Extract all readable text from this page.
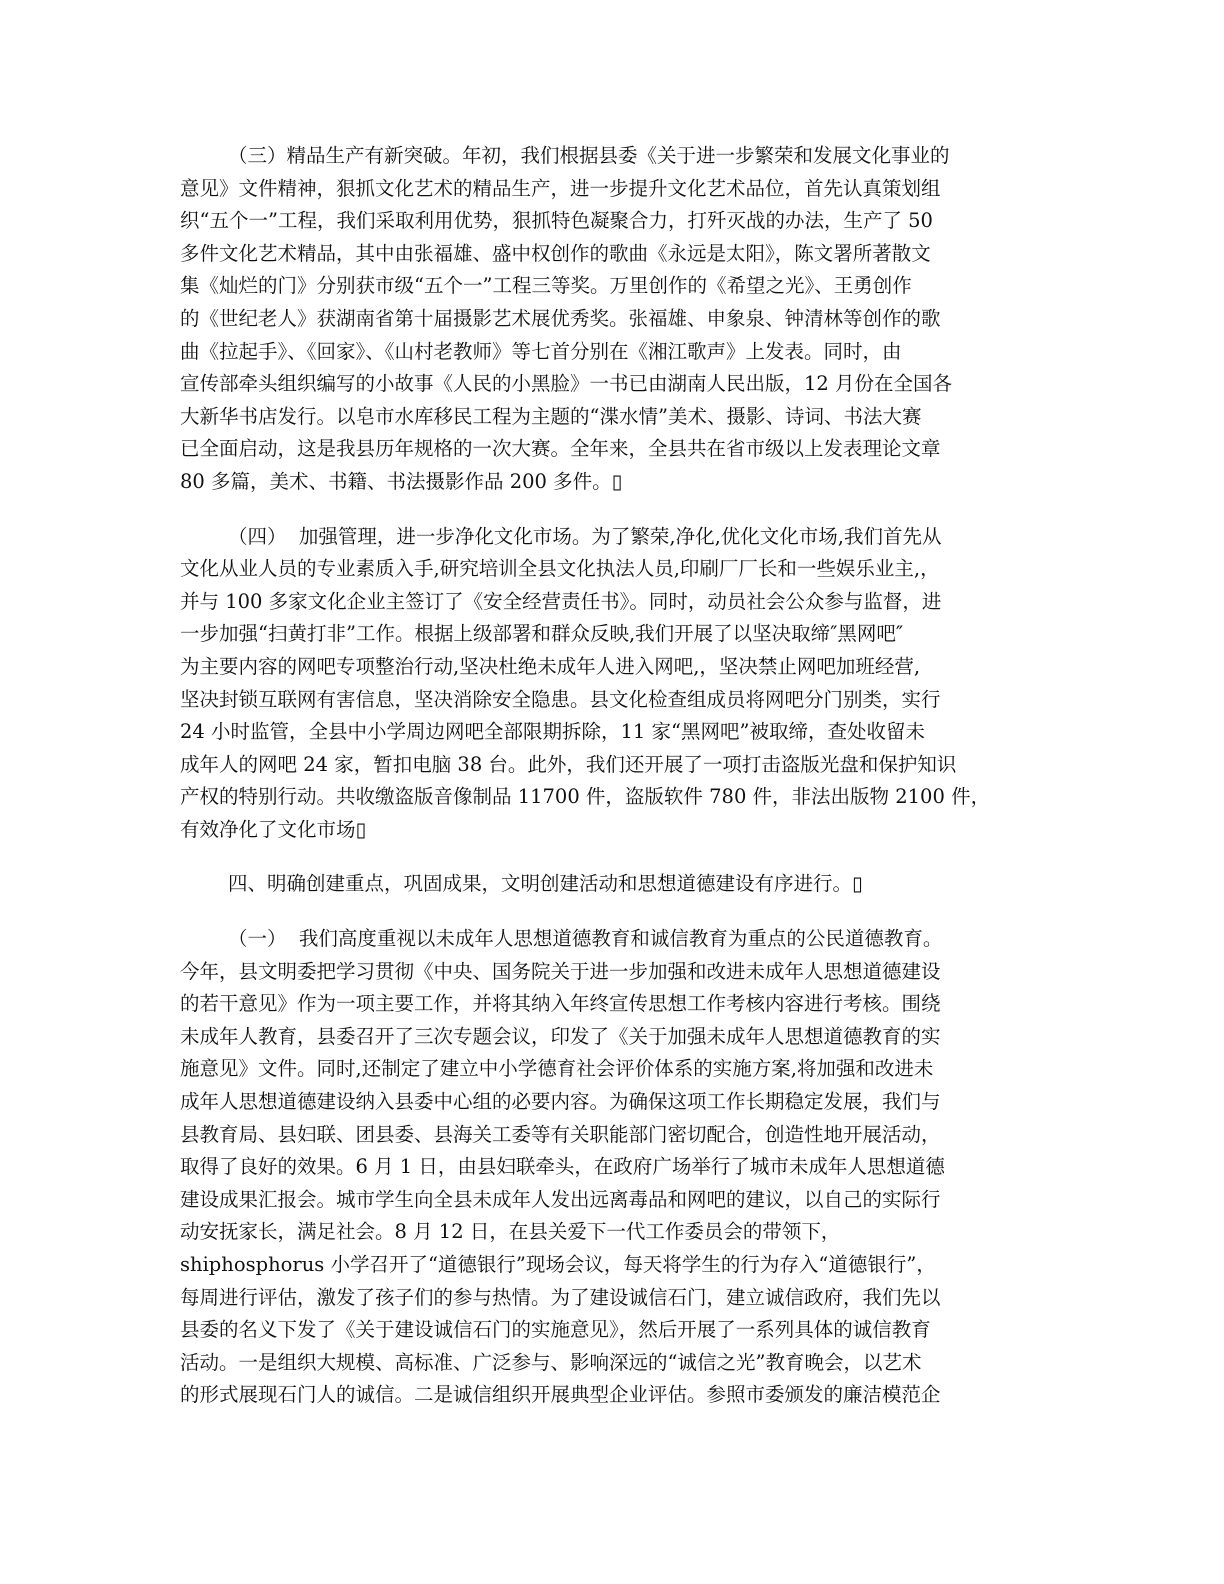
（三）精品生产有新突破。年初，我们根据县委《关于进一步繁荣和发展文化事业的
意见》文件精神，狠抓文化艺术的精品生产，进一步提升文化艺术品位，首先认真策划组
织“五个一”工程，我们采取利用优势，狠抓特色凝聚合力，打歼灭战的办法，生产了 50
多件文化艺术精品，其中由张福雄、盛中权创作的歌曲《永远是太阳》，陈文署所著散文
集《灿烂的门》分别获市级“五个一”工程三等奖。万里创作的《希望之光》、王勇创作
的《世纪老人》获湖南省第十届摄影艺术展优秀奖。张福雄、申象泉、钟清林等创作的歌
曲《拉起手》、《回家》、《山村老教师》等七首分别在《湘江歌声》上发表。同时，由
宣传部牵头组织编写的小故事《人民的小黑脸》一书已由湖南人民出版，12 月份在全国各
大新华书店发行。以皂市水库移民工程为主题的“渫水情”美术、摄影、诗词、书法大赛
已全面启动，这是我县历年规格的一次大赛。全年来，全县共在省市级以上发表理论文章
80 多篇，美术、书籍、书法摄影作品 200 多件。▯
（四）  加强管理，进一步净化文化市场。为了繁荣,净化,优化文化市场,我们首先从
文化从业人员的专业素质入手,研究培训全县文化执法人员,印刷厂厂长和一些娱乐业主,，
并与 100 多家文化企业主签订了《安全经营责任书》。同时，动员社会公众参与监督，进
一步加强“扫黄打非”工作。根据上级部署和群众反映,我们开展了以坚决取缔″黑网吧″
为主要内容的网吧专项整治行动,坚决杜绝未成年人进入网吧,，坚决禁止网吧加班经营,
坚决封锁互联网有害信息，坚决消除安全隐患。县文化检查组成员将网吧分门别类，实行
24 小时监管，全县中小学周边网吧全部限期拆除，11 家“黑网吧”被取缔，查处收留未
成年人的网吧 24 家，暂扣电脑 38 台。此外，我们还开展了一项打击盗版光盘和保护知识
产权的特别行动。共收缴盗版音像制品 11700 件，盗版软件 780 件，非法出版物 2100 件，
有效净化了文化市场▯
四、明确创建重点，巩固成果，文明创建活动和思想道德建设有序进行。▯
（一）  我们高度重视以未成年人思想道德教育和诚信教育为重点的公民道德教育。
今年，县文明委把学习贯彻《中央、国务院关于进一步加强和改进未成年人思想道德建设
的若干意见》作为一项主要工作，并将其纳入年终宣传思想工作考核内容进行考核。围绕
未成年人教育，县委召开了三次专题会议，印发了《关于加强未成年人思想道德教育的实
施意见》文件。同时,还制定了建立中小学德育社会评价体系的实施方案,将加强和改进未
成年人思想道德建设纳入县委中心组的必要内容。为确保这项工作长期稳定发展，我们与
县教育局、县妇联、团县委、县海关工委等有关职能部门密切配合，创造性地开展活动，
取得了良好的效果。6 月 1 日，由县妇联牵头，在政府广场举行了城市未成年人思想道德
建设成果汇报会。城市学生向全县未成年人发出远离毒品和网吧的建议，以自己的实际行
动安抚家长，满足社会。8 月 12 日，在县关爱下一代工作委员会的带领下，
shiphosphorus 小学召开了“道德银行”现场会议，每天将学生的行为存入“道德银行”，
每周进行评估，激发了孩子们的参与热情。为了建设诚信石门，建立诚信政府，我们先以
县委的名义下发了《关于建设诚信石门的实施意见》，然后开展了一系列具体的诚信教育
活动。一是组织大规模、高标准、广泛参与、影响深远的“诚信之光”教育晚会，以艺术
的形式展现石门人的诚信。二是诚信组织开展典型企业评估。参照市委颁发的廉洁模范企
